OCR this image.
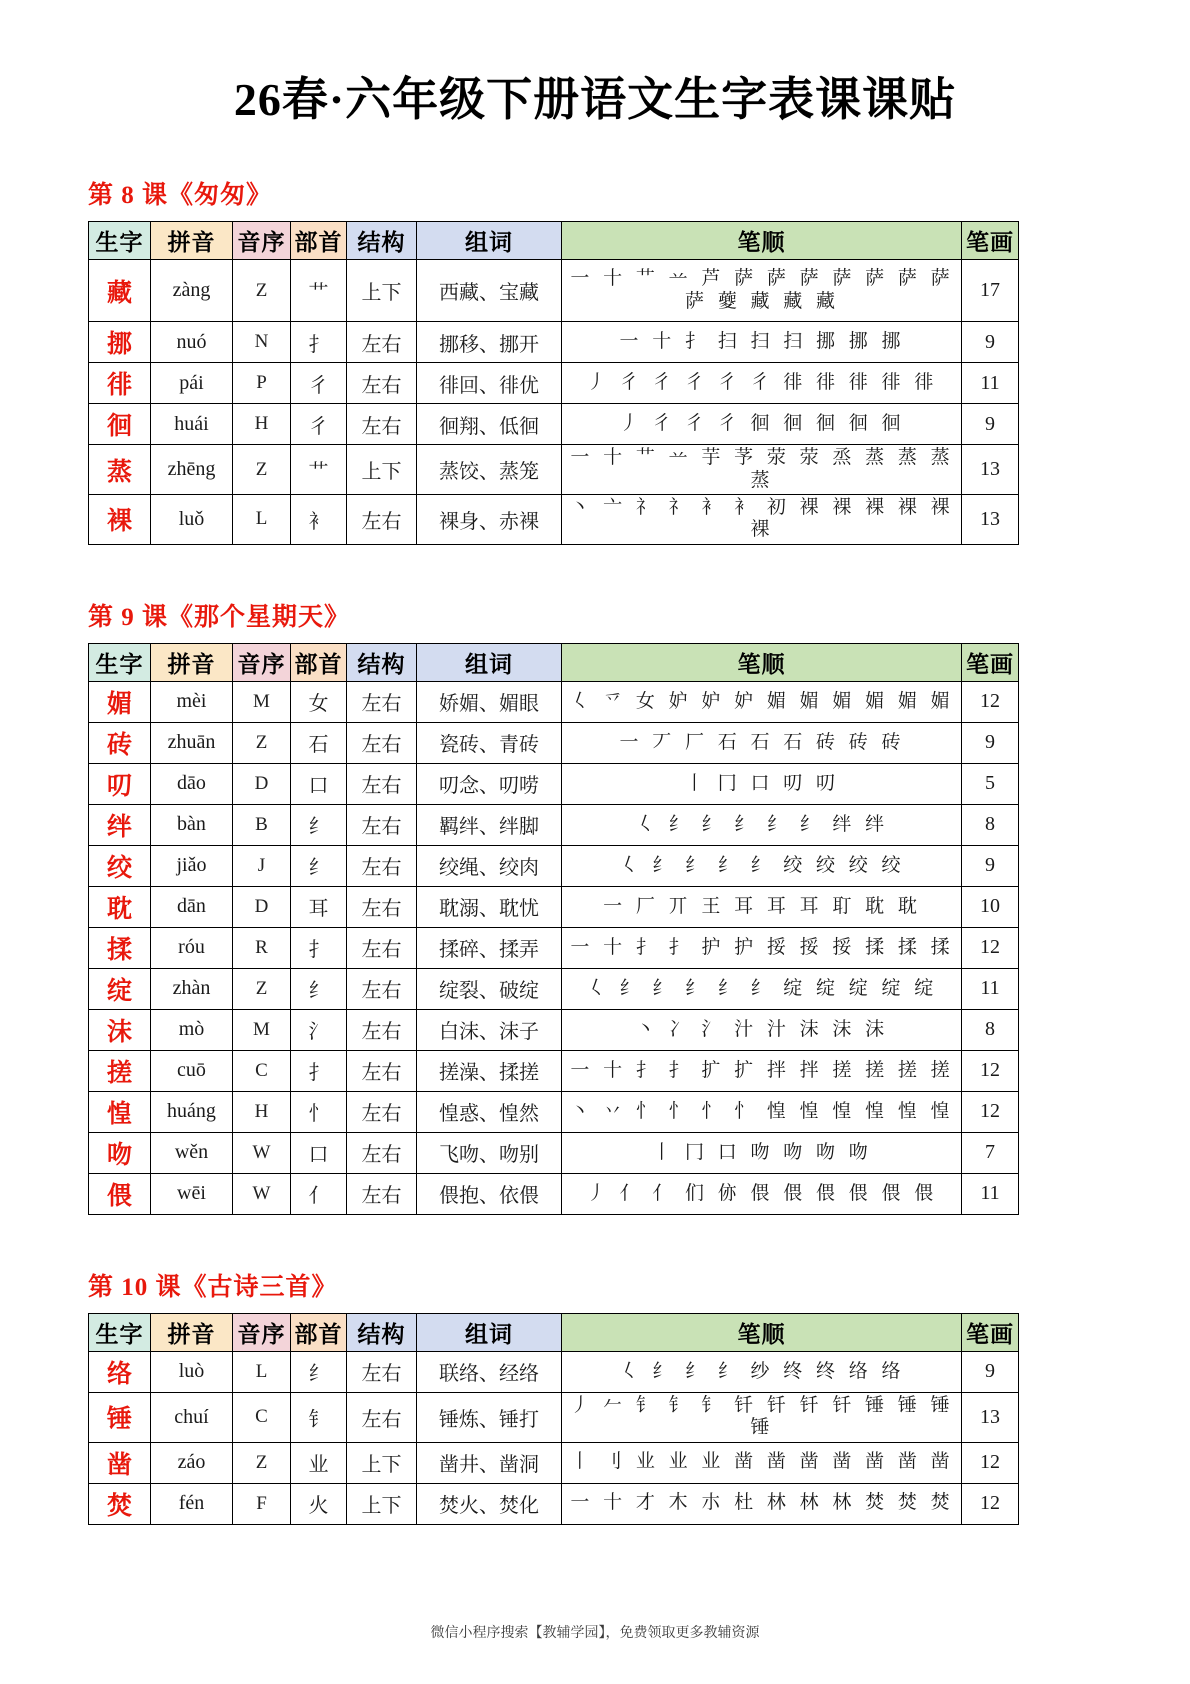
26春·六年级下册语文生字表课课贴
第 8 课《匆匆》
生字	拼音	音序	部首	结构	组词	笔顺	笔画
藏	zàng	Z	艹	上下	西藏、宝藏	一 十 艹 䒑 芦 萨 萨 萨 萨 萨 萨 萨 萨 䕫 藏 藏 藏	17
挪	nuó	N	扌	左右	挪移、挪开	一 十 扌 扫 扫 扫 挪 挪 挪	9
徘	pái	P	彳	左右	徘回、徘优	丿 彳 彳 彳 彳 彳 徘 徘 徘 徘 徘	11
徊	huái	H	彳	左右	徊翔、低徊	丿 彳 彳 彳 徊 徊 徊 徊 徊	9
蒸	zhēng	Z	艹	上下	蒸饺、蒸笼	一 十 艹 䒑 芋 芧 荥 荥 烝 蒸 蒸 蒸 蒸	13
裸	luǒ	L	衤	左右	裸身、赤裸	丶 亠 礻 礻 衤 衤 初 裸 裸 裸 裸 裸 裸	13
第 9 课《那个星期天》
生字	拼音	音序	部首	结构	组词	笔顺	笔画
媚	mèi	M	女	左右	娇媚、媚眼	𡿨 乊 女 妒 妒 妒 媚 媚 媚 媚 媚 媚	12
砖	zhuān	Z	石	左右	瓷砖、青砖	一 丆 厂 石 石 石 砖 砖 砖	9
叨	dāo	D	口	左右	叨念、叨唠	丨 冂 口 叨 叨	5
绊	bàn	B	纟	左右	羁绊、绊脚	𡿨 纟 纟 纟 纟 纟 绊 绊	8
绞	jiǎo	J	纟	左右	绞绳、绞肉	𡿨 纟 纟 纟 纟 绞 绞 绞 绞	9
耽	dān	D	耳	左右	耽溺、耽忧	一 厂 丌 王 耳 耳 耳 耵 耽 耽	10
揉	róu	R	扌	左右	揉碎、揉弄	一 十 扌 扌 护 护 挼 挼 挼 揉 揉 揉	12
绽	zhàn	Z	纟	左右	绽裂、破绽	𡿨 纟 纟 纟 纟 纟 绽 绽 绽 绽 绽	11
沫	mò	M	氵	左右	白沫、沫子	丶 冫 氵 汁 汁 沫 沫 沫	8
搓	cuō	C	扌	左右	搓澡、揉搓	一 十 扌 扌 扩 扩 拌 拌 搓 搓 搓 搓	12
惶	huáng	H	忄	左右	惶惑、惶然	丶 丷 忄 忄 忄 忄 惶 惶 惶 惶 惶 惶	12
吻	wěn	W	口	左右	飞吻、吻别	丨 冂 口 吻 吻 吻 吻	7
偎	wēi	W	亻	左右	偎抱、依偎	丿 亻 亻 们 㑊 偎 偎 偎 偎 偎 偎	11
第 10 课《古诗三首》
生字	拼音	音序	部首	结构	组词	笔顺	笔画
络	luò	L	纟	左右	联络、经络	𡿨 纟 纟 纟 纱 终 终 络 络	9
锤	chuí	C	钅	左右	锤炼、锤打	丿 𠂉 钅 钅 钅 钎 钎 钎 钎 锤 锤 锤 锤	13
凿	záo	Z	业	上下	凿井、凿洞	丨 刂 业 业 业 凿 凿 凿 凿 凿 凿 凿	12
焚	fén	F	火	上下	焚火、焚化	一 十 才 木 朩 杜 林 林 林 焚 焚 焚	12
微信小程序搜索【教辅学园】，免费领取更多教辅资源
